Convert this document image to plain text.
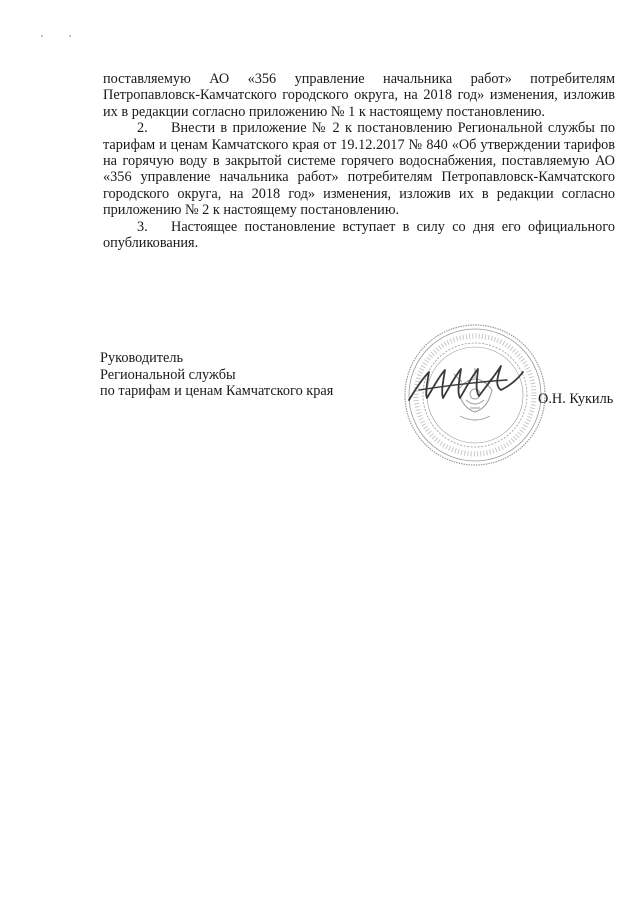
поставляемую АО «356 управление начальника работ» потребителям Петропавловск-Камчатского городского округа, на 2018 год» изменения, изложив их в редакции согласно приложению № 1 к настоящему постановлению.

2. Внести в приложение № 2 к постановлению Региональной службы по тарифам и ценам Камчатского края от 19.12.2017 № 840 «Об утверждении тарифов на горячую воду в закрытой системе горячего водоснабжения, поставляемую АО «356 управление начальника работ» потребителям Петропавловск-Камчатского городского округа, на 2018 год» изменения, изложив их в редакции согласно приложению № 2 к настоящему постановлению.

3. Настоящее постановление вступает в силу со дня его официального опубликования.

Руководитель
Региональной службы
по тарифам и ценам Камчатского края	О.Н. Кукиль
